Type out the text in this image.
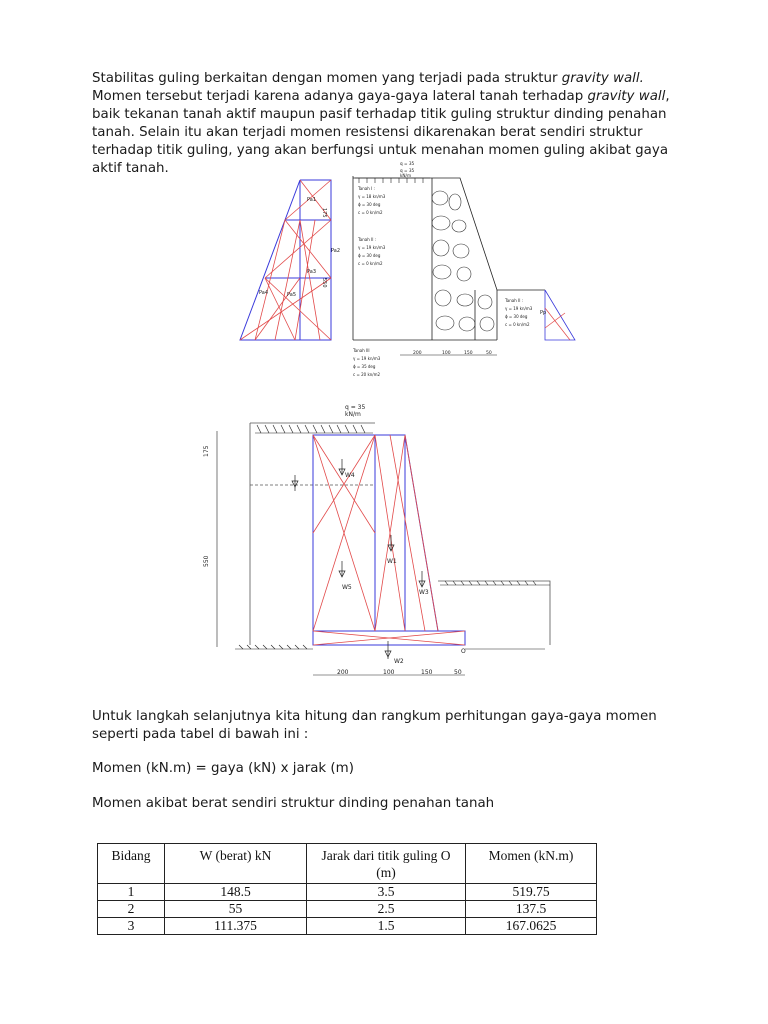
Stabilitas guling berkaitan dengan momen yang terjadi pada struktur gravity wall. Momen tersebut terjadi karena adanya gaya-gaya lateral tanah terhadap gravity wall, baik tekanan tanah aktif maupun pasif terhadap titik guling struktur dinding penahan tanah. Selain itu akan terjadi momen resistensi dikarenakan berat sendiri struktur terhadap titik guling, yang akan berfungsi untuk menahan momen guling akibat gaya aktif tanah.

Pa1
Pa2
Pa3
Pa4	Pa5
175
550
Pp
q = 35
q = 35
kN/m
Tanah I :
γ = 18 kn/m3
ϕ = 30 deg
c = 0 kn/m2
Tanah II :
γ = 19 kn/m3
ϕ = 30 deg
c = 0 kn/m2
Tanah III
γ = 19 kn/m3
ϕ = 35 deg
c = 20 kn/m2
Tanah II :
γ = 19 kn/m3
ϕ = 30 deg
c = 0 kn/m2
200	100	150	50
175
550
q = 35
kN/m
W4
W5
W1
W3
W2
O
200	100	150	50

Untuk langkah selanjutnya kita hitung dan rangkum perhitungan gaya-gaya momen seperti pada tabel di bawah ini :

Momen (kN.m) = gaya (kN) x jarak (m)

Momen akibat berat sendiri struktur dinding penahan tanah

Bidang	W (berat) kN	Jarak dari titik guling O (m)	Momen (kN.m)
1	148.5	3.5	519.75
2	55	2.5	137.5
3	111.375	1.5	167.0625
